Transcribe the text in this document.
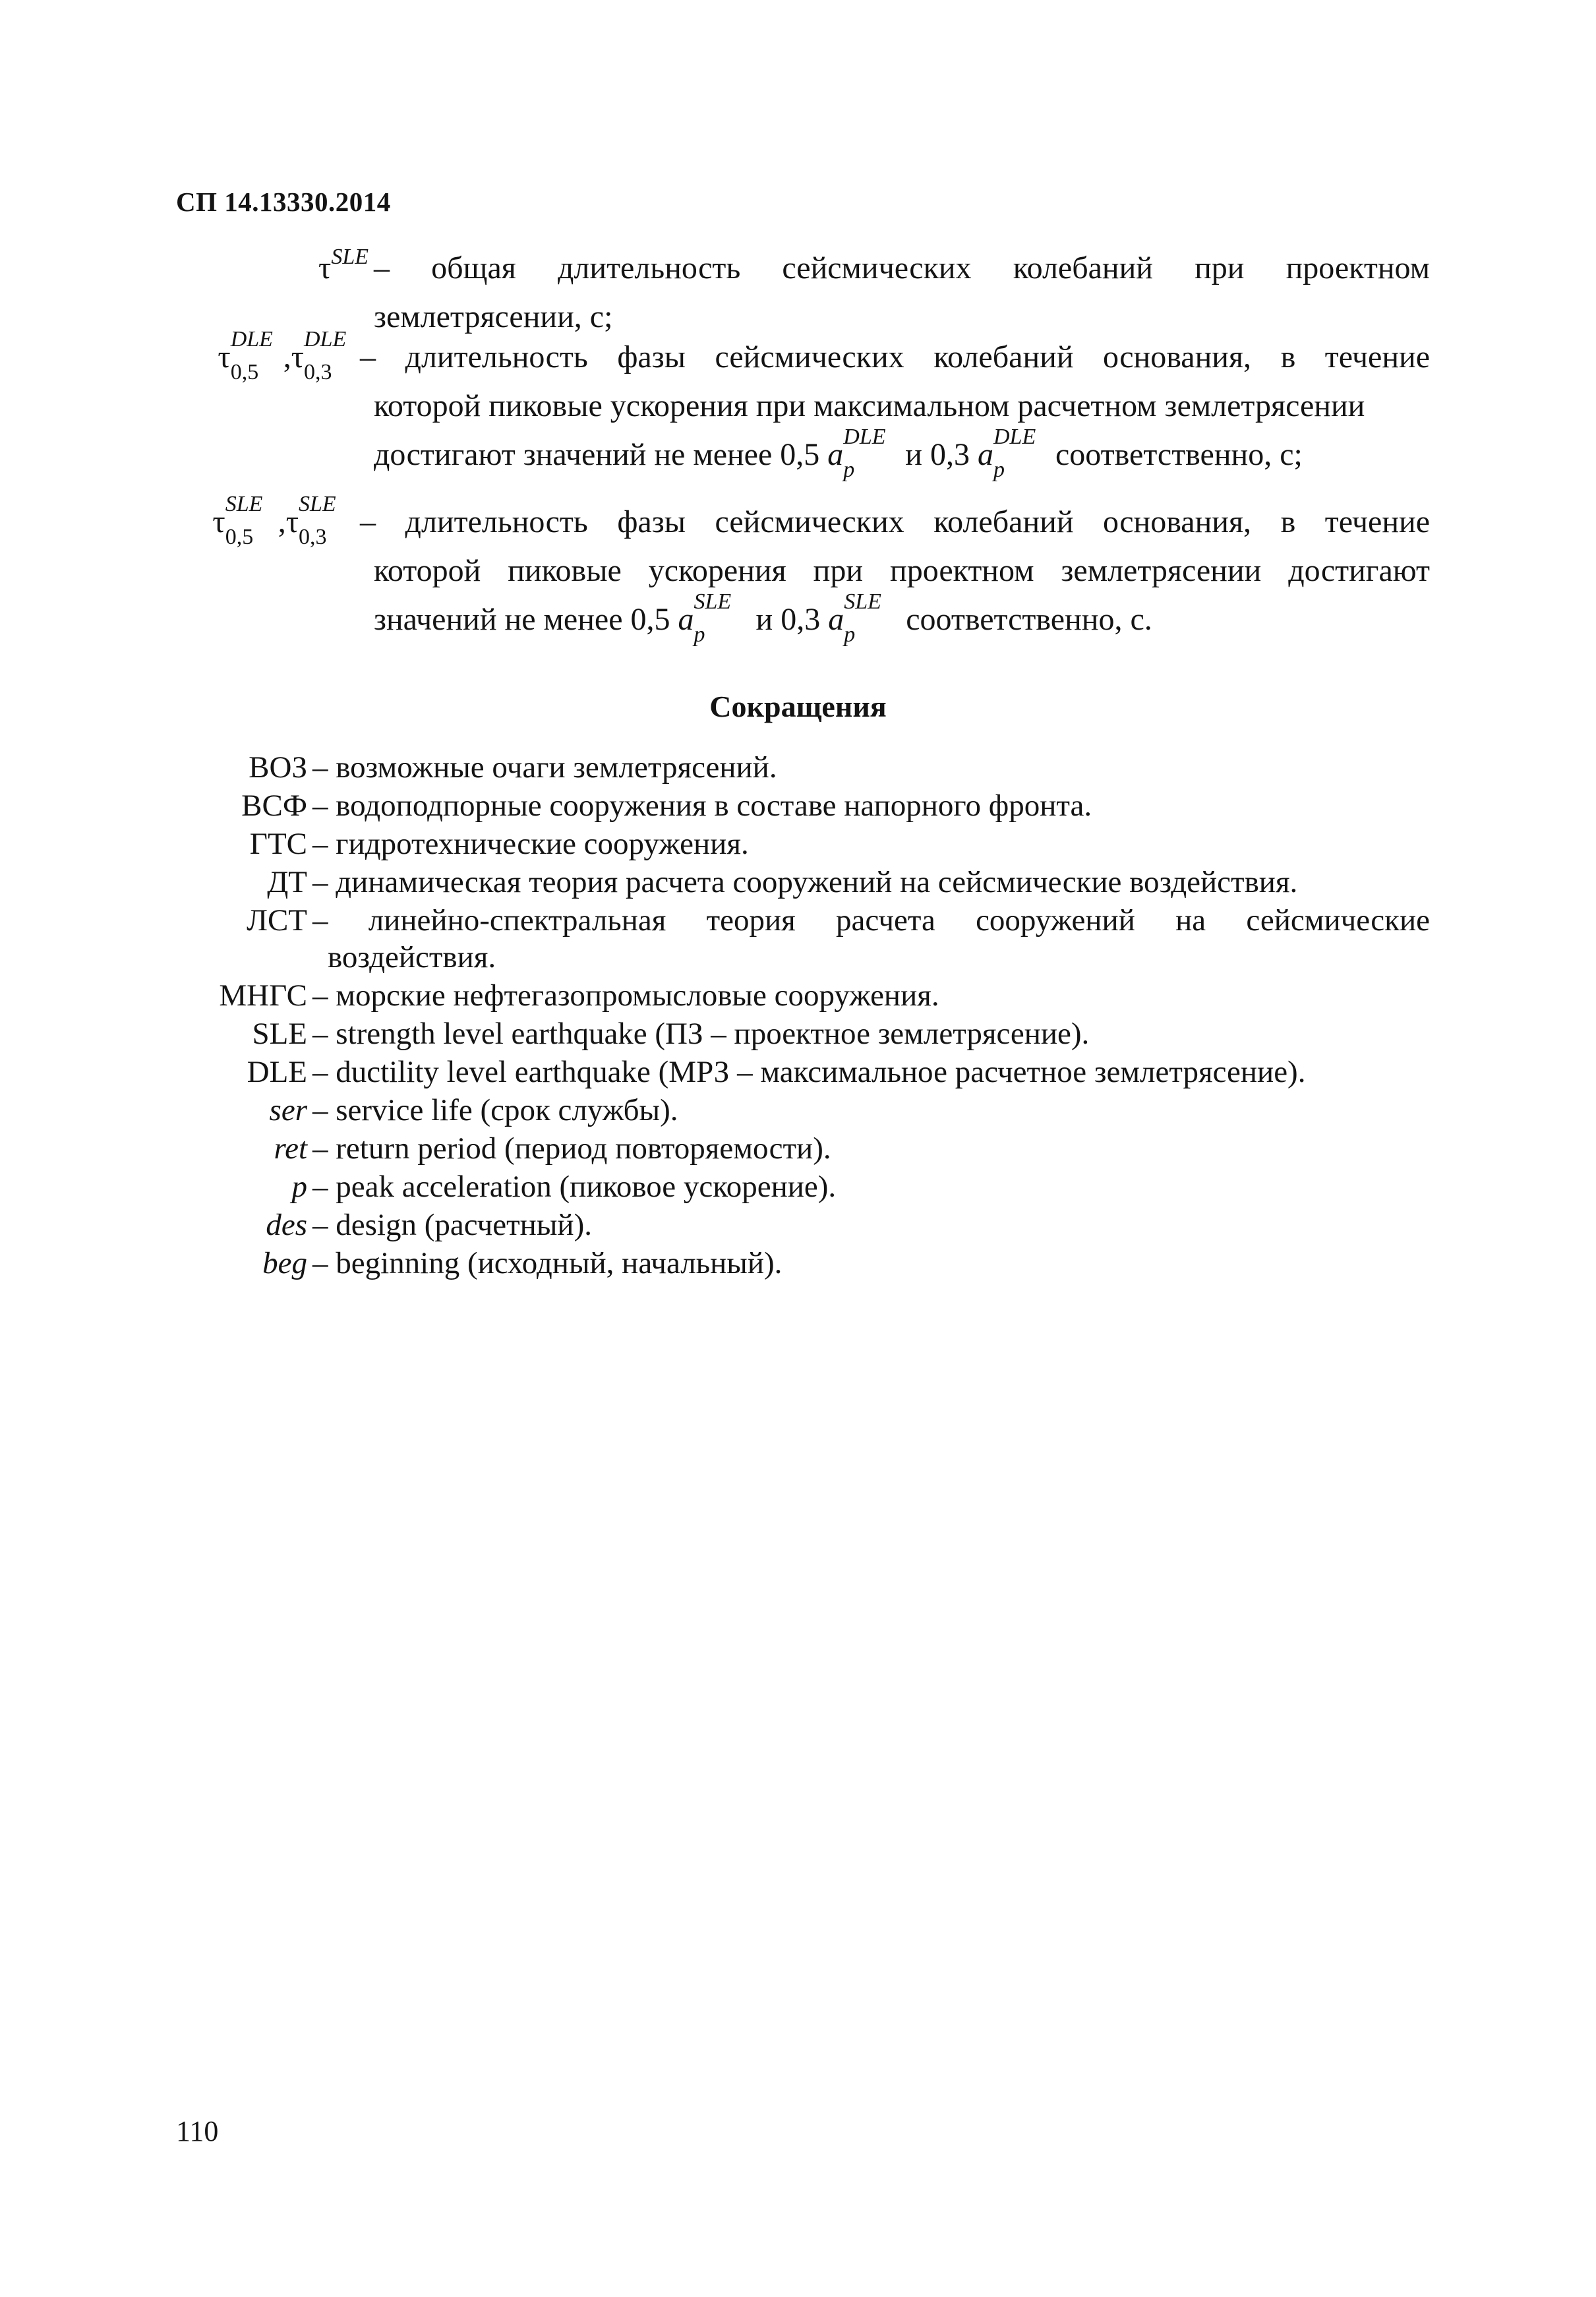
СП 14.13330.2014
$\tau^{SLE}$ – общая длительность сейсмических колебаний при проектном
землетрясении, с;
τ
DLE
0,5 ,τ
DLE
0,3 – длительность фазы сейсмических колебаний основания, в течение
которой пиковые ускорения при максимальном расчетном землетрясении
достигают значений не менее 0,5 a
DLE
p и 0,3 a
DLE
p соответственно, с;
τ
SLE
0,5 ,τ
SLE
0,3 – длительность фазы сейсмических колебаний основания, в течение
которой пиковые ускорения при проектном землетрясении достигают
значений не менее 0,5 a
SLE
p и 0,3 a
SLE
p соответственно, с.
Сокращения
ВОЗ – возможные очаги землетрясений.
ВСФ – водоподпорные сооружения в составе напорного фронта.
ГТС – гидротехнические сооружения.
ДТ – динамическая теория расчета сооружений на сейсмические воздействия.
ЛСТ – линейно-спектральная теория расчета сооружений на сейсмические
воздействия.
МНГС – морские нефтегазопромысловые сооружения.
SLE – strength level earthquake (ПЗ – проектное землетрясение).
DLE – ductility level earthquake (МРЗ – максимальное расчетное землетрясение).
ser – service life (срок службы).
ret – return period (период повторяемости).
p – peak acceleration (пиковое ускорение).
des – design (расчетный).
beg – beginning (исходный, начальный).
110
